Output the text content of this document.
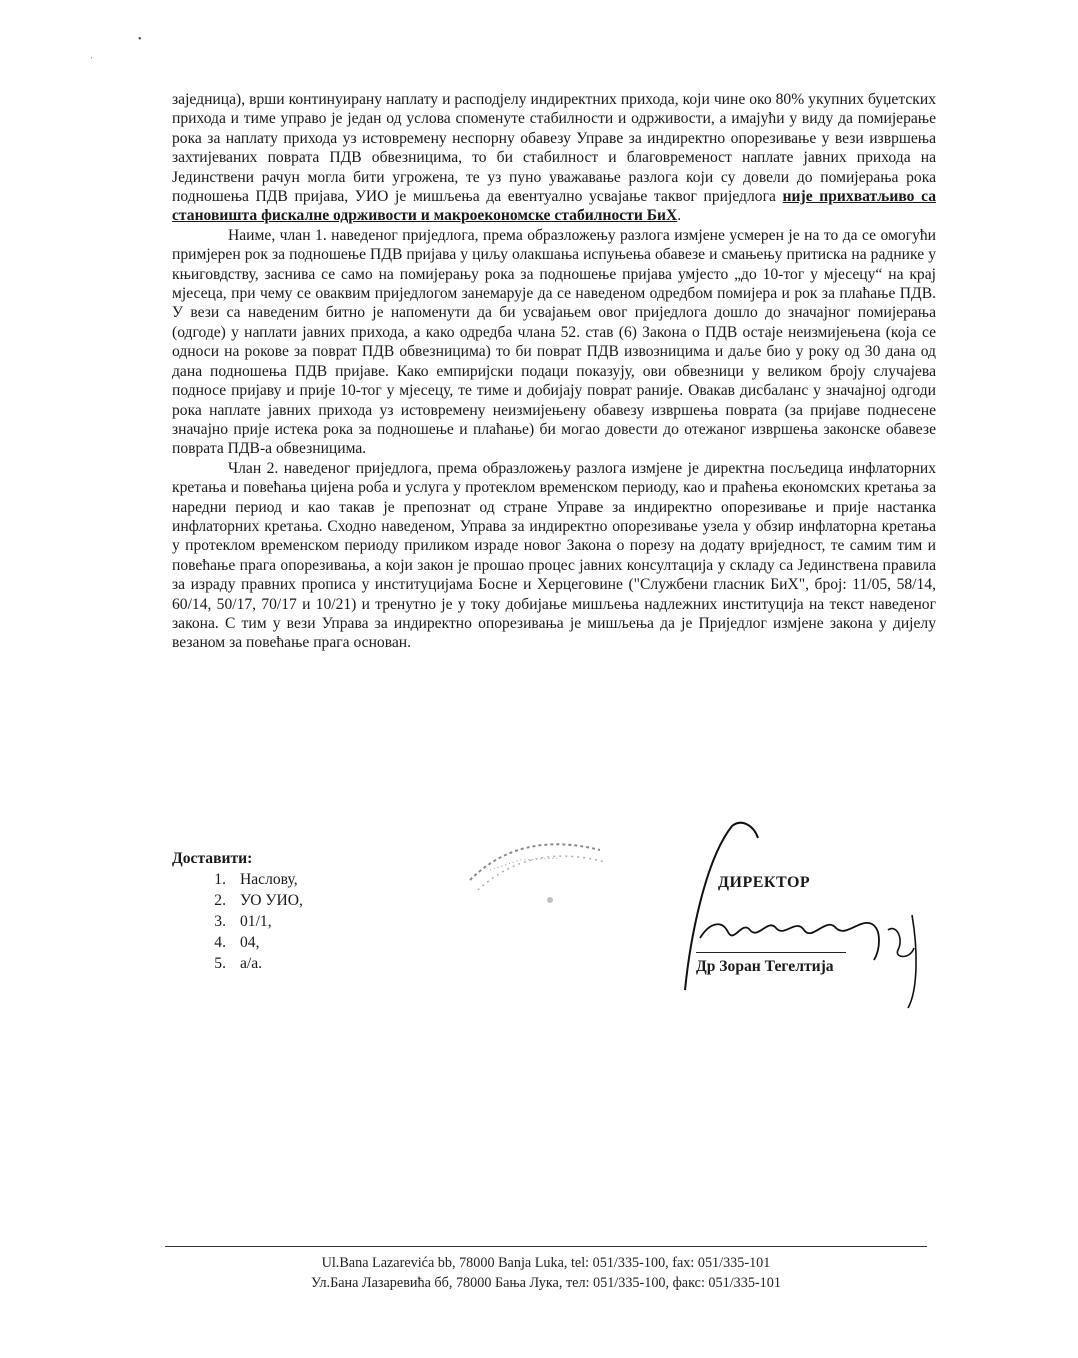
•
ˈ

заједница), врши континуирану наплату и расподјелу индиректних прихода, који чине око 80% укупних буџетских прихода и тиме управо је један од услова споменуте стабилности и одрживости, а имајући у виду да помијерање рока за наплату прихода уз истовремену неспорну обавезу Управе за индиректно опорезивање у вези извршења захтијеваних поврата ПДВ обвезницима, то би стабилност и благовременост наплате јавних прихода на Јединствени рачун могла бити угрожена, те уз пуно уважавање разлога који су довели до помијерања рока подношења ПДВ пријава, УИО је мишљења да евентуално усвајање таквог приједлога није прихватљиво са становишта фискалне одрживости и макроекономске стабилности БиХ.

Наиме, члан 1. наведеног приједлога, према образложењу разлога измјене усмерен је на то да се омогући примјерен рок за подношење ПДВ пријава у циљу олакшања испуњења обавезе и смањењу притиска на раднике у књиговдству, заснива се само на помијерању рока за подношење пријава умјесто „до 10-тог у мјесецу“ на крај мјесеца, при чему се оваквим приједлогом занемарује да се наведеном одредбом помијера и рок за плаћање ПДВ. У вези са наведеним битно је напоменути да би усвајањем овог приједлога дошло до значајног помијерања (одгоде) у наплати јавних прихода, а како одредба члана 52. став (6) Закона о ПДВ остаје неизмијењена (која се односи на рокове за поврат ПДВ обвезницима) то би поврат ПДВ извозницима и даље био у року од 30 дана од дана подношења ПДВ пријаве. Како емпиријски подаци показују, ови обвезници у великом броју случајева подносе пријаву и прије 10-тог у мјесецу, те тиме и добијају поврат раније. Овакав дисбаланс у значајној одгоди рока наплате јавних прихода уз истовремену неизмијењену обавезу извршења поврата (за пријаве поднесене значајно прије истека рока за подношење и плаћање) би могао довести до отежаног извршења законске обавезе поврата ПДВ-а обвезницима.

Члан 2. наведеног приједлога, према образложењу разлога измјене је директна посљедица инфлаторних кретања и повећања цијена роба и услуга у протеклом временском периоду, као и праћења економских кретања за наредни период и као такав је препознат од стране Управе за индиректно опорезивање и прије настанка инфлаторних кретања. Сходно наведеном, Управа за индиректно опорезивање узела у обзир инфлаторна кретања у протеклом временском периоду приликом израде новог Закона о порезу на додату вриједност, те самим тим и повећање прага опорезивања, а који закон је прошао процес јавних консултација у складу са Јединствена правила за израду правних прописа у институцијама Босне и Херцеговине ("Службени гласник БиХ", број: 11/05, 58/14, 60/14, 50/17, 70/17 и 10/21) и тренутно је у току добијање мишљења надлежних институција на текст наведеног закона. С тим у вези Управа за индиректно опорезивања је мишљења да је Приједлог измјене закона у дијелу везаном за повећање прага основан.

Доставити:
1. Наслову,
2. УО УИО,
3. 01/1,
4. 04,
5. а/а.
ДИРЕКТОР
Др Зоран Тегелтија
Ul.Bana Lazarevića bb, 78000 Banja Luka, tel: 051/335-100, fax: 051/335-101
Ул.Бана Лазаревића бб, 78000 Бања Лука, тел: 051/335-100, факс: 051/335-101
